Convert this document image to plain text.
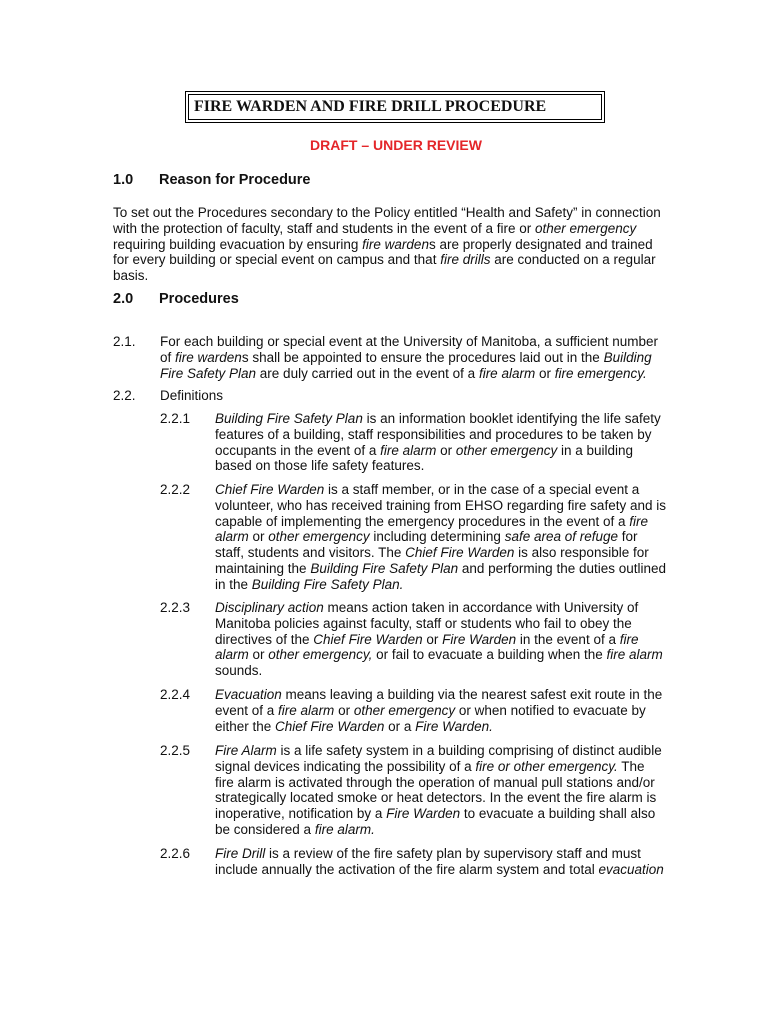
FIRE WARDEN AND FIRE DRILL PROCEDURE
DRAFT – UNDER REVIEW
1.0 Reason for Procedure
To set out the Procedures secondary to the Policy entitled “Health and Safety” in connection
with the protection of faculty, staff and students in the event of a fire or other emergency
requiring building evacuation by ensuring fire wardens are properly designated and trained
for every building or special event on campus and that fire drills are conducted on a regular
basis.
2.0 Procedures
2.1. For each building or special event at the University of Manitoba, a sufficient number
of fire wardens shall be appointed to ensure the procedures laid out in the Building
Fire Safety Plan are duly carried out in the event of a fire alarm or fire emergency.
2.2. Definitions
2.2.1 Building Fire Safety Plan is an information booklet identifying the life safety
features of a building, staff responsibilities and procedures to be taken by
occupants in the event of a fire alarm or other emergency in a building
based on those life safety features.
2.2.2 Chief Fire Warden is a staff member, or in the case of a special event a
volunteer, who has received training from EHSO regarding fire safety and is
capable of implementing the emergency procedures in the event of a fire
alarm or other emergency including determining safe area of refuge for
staff, students and visitors. The Chief Fire Warden is also responsible for
maintaining the Building Fire Safety Plan and performing the duties outlined
in the Building Fire Safety Plan.
2.2.3 Disciplinary action means action taken in accordance with University of
Manitoba policies against faculty, staff or students who fail to obey the
directives of the Chief Fire Warden or Fire Warden in the event of a fire
alarm or other emergency, or fail to evacuate a building when the fire alarm
sounds.
2.2.4 Evacuation means leaving a building via the nearest safest exit route in the
event of a fire alarm or other emergency or when notified to evacuate by
either the Chief Fire Warden or a Fire Warden.
2.2.5 Fire Alarm is a life safety system in a building comprising of distinct audible
signal devices indicating the possibility of a fire or other emergency. The
fire alarm is activated through the operation of manual pull stations and/or
strategically located smoke or heat detectors. In the event the fire alarm is
inoperative, notification by a Fire Warden to evacuate a building shall also
be considered a fire alarm.
2.2.6 Fire Drill is a review of the fire safety plan by supervisory staff and must
include annually the activation of the fire alarm system and total evacuation
